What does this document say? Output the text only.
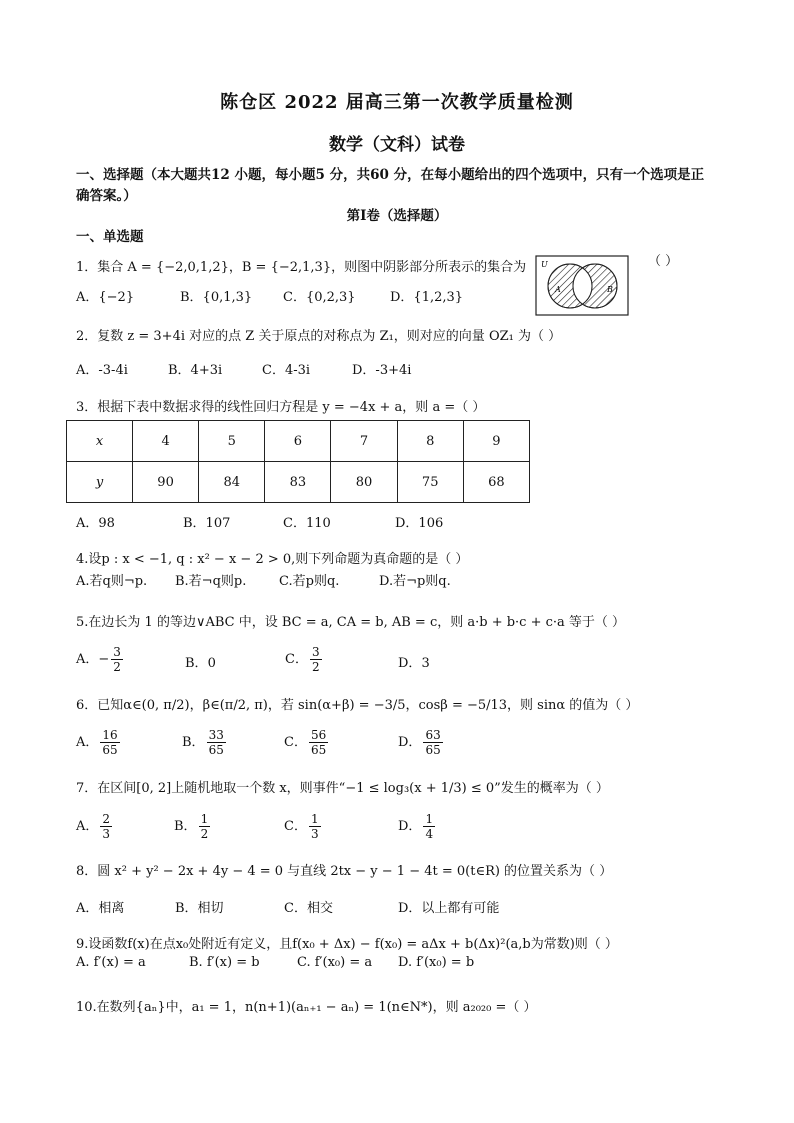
陈仓区 2022 届高三第一次教学质量检测
数学（文科）试卷
一、选择题（本大题共12 小题，每小题5 分，共60 分，在每小题给出的四个选项中，只有一个选项是正
确答案。）
第Ⅰ卷（选择题）
一、单选题
1．集合 A = {−2,0,1,2}，B = {−2,1,3}，则图中阴影部分所表示的集合为	（ ）
U
A	B
A．{−2}	B．{0,1,3} C．{0,2,3}	D．{1,2,3}
2．复数 z = 3+4i 对应的点 Z 关于原点的对称点为 Z₁，则对应的向量 OZ₁ 为（ ）
A．-3-4i	B．4+3i	C．4-3i	D．-3+4i
3．根据下表中数据求得的线性回归方程是 y = −4x + a，则 a =（ ）
x	4	5	6	7	8	9
y	90	84	83	80	75	68
A．98	B．107	C．110	D．106
4.设p : x < −1, q : x² − x − 2 > 0,则下列命题为真命题的是（ ）
A.若q则¬p. B.若¬q则p.	C.若p则q.	D.若¬p则q.
5.在边长为 1 的等边∨ABC 中，设 BC = a, CA = b, AB = c，则 a·b + b·c + c·a 等于（ ）
A．− $\frac{3}{2}$	B．0	C． $\frac{3}{2}$	D．3
6．已知α∈(0, π/2)，β∈(π/2, π)，若 sin(α+β) = −3/5，cosβ = −5/13，则 sinα 的值为（ ）
A． $\frac{16}{65}$	B． $\frac{33}{65}$	C． $\frac{56}{65}$	D． $\frac{63}{65}$
7．在区间[0, 2]上随机地取一个数 x，则事件“−1 ≤ log₃(x + 1/3) ≤ 0”发生的概率为（ ）
A． $\frac{2}{3}$	B． $\frac{1}{2}$	C． $\frac{1}{3}$	D． $\frac{1}{4}$
8．圆 x² + y² − 2x + 4y − 4 = 0 与直线 2tx − y − 1 − 4t = 0(t∈R) 的位置关系为（ ）
A．相离	B．相切	C．相交	D．以上都有可能
9.设函数f(x)在点x₀处附近有定义，且f(x₀ + Δx) − f(x₀) = aΔx + b(Δx)²(a,b为常数)则（ ）
A. f′(x) = a	B. f′(x) = b	C. f′(x₀) = a D. f′(x₀) = b
10.在数列{aₙ}中，a₁ = 1，n(n+1)(aₙ₊₁ − aₙ) = 1(n∈N*)，则 a₂₀₂₀ =（ ）
